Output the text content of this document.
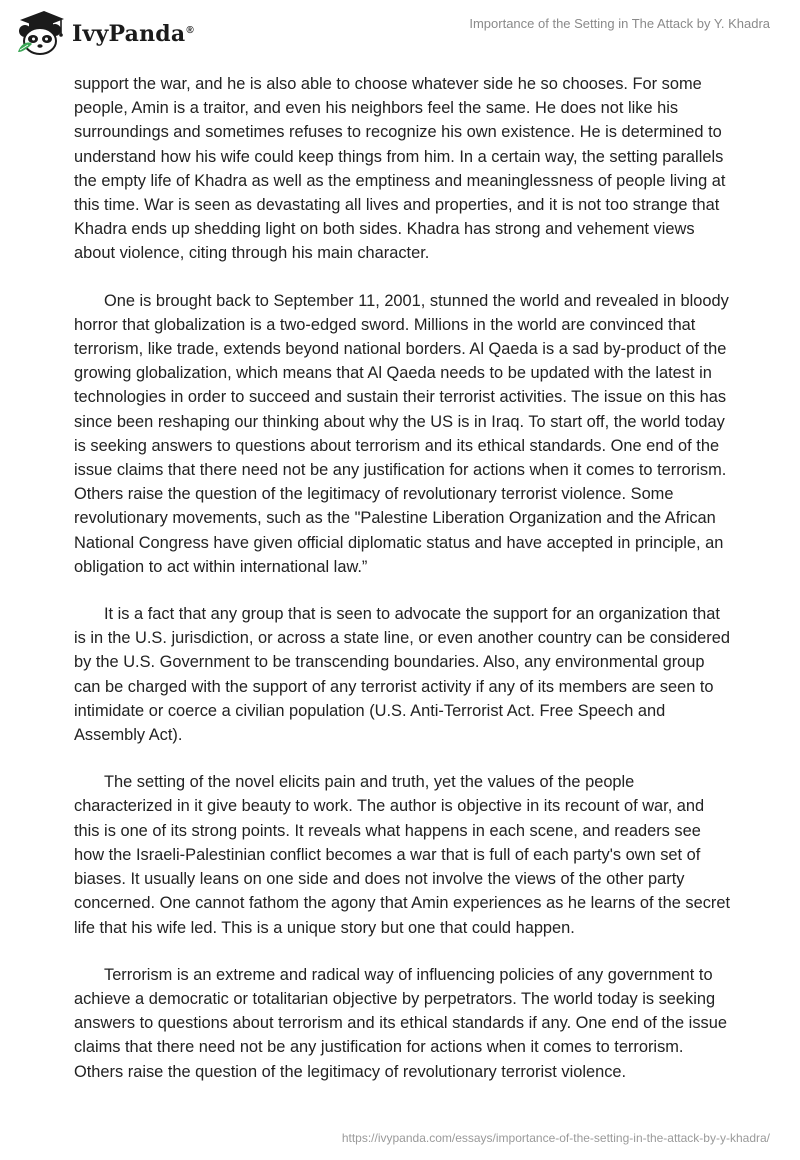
IvyPanda®	Importance of the Setting in The Attack by Y. Khadra

support the war, and he is also able to choose whatever side he so chooses. For some people, Amin is a traitor, and even his neighbors feel the same. He does not like his surroundings and sometimes refuses to recognize his own existence. He is determined to understand how his wife could keep things from him. In a certain way, the setting parallels the empty life of Khadra as well as the emptiness and meaninglessness of people living at this time. War is seen as devastating all lives and properties, and it is not too strange that Khadra ends up shedding light on both sides. Khadra has strong and vehement views about violence, citing through his main character.

One is brought back to September 11, 2001, stunned the world and revealed in bloody horror that globalization is a two-edged sword. Millions in the world are convinced that terrorism, like trade, extends beyond national borders. Al Qaeda is a sad by-product of the growing globalization, which means that Al Qaeda needs to be updated with the latest in technologies in order to succeed and sustain their terrorist activities. The issue on this has since been reshaping our thinking about why the US is in Iraq. To start off, the world today is seeking answers to questions about terrorism and its ethical standards. One end of the issue claims that there need not be any justification for actions when it comes to terrorism. Others raise the question of the legitimacy of revolutionary terrorist violence. Some revolutionary movements, such as the "Palestine Liberation Organization and the African National Congress have given official diplomatic status and have accepted in principle, an obligation to act within international law.”

It is a fact that any group that is seen to advocate the support for an organization that is in the U.S. jurisdiction, or across a state line, or even another country can be considered by the U.S. Government to be transcending boundaries. Also, any environmental group can be charged with the support of any terrorist activity if any of its members are seen to intimidate or coerce a civilian population (U.S. Anti-Terrorist Act. Free Speech and Assembly Act).

The setting of the novel elicits pain and truth, yet the values of the people characterized in it give beauty to work. The author is objective in its recount of war, and this is one of its strong points. It reveals what happens in each scene, and readers see how the Israeli-Palestinian conflict becomes a war that is full of each party's own set of biases. It usually leans on one side and does not involve the views of the other party concerned. One cannot fathom the agony that Amin experiences as he learns of the secret life that his wife led. This is a unique story but one that could happen.

Terrorism is an extreme and radical way of influencing policies of any government to achieve a democratic or totalitarian objective by perpetrators. The world today is seeking answers to questions about terrorism and its ethical standards if any. One end of the issue claims that there need not be any justification for actions when it comes to terrorism. Others raise the question of the legitimacy of revolutionary terrorist violence.

https://ivypanda.com/essays/importance-of-the-setting-in-the-attack-by-y-khadra/
